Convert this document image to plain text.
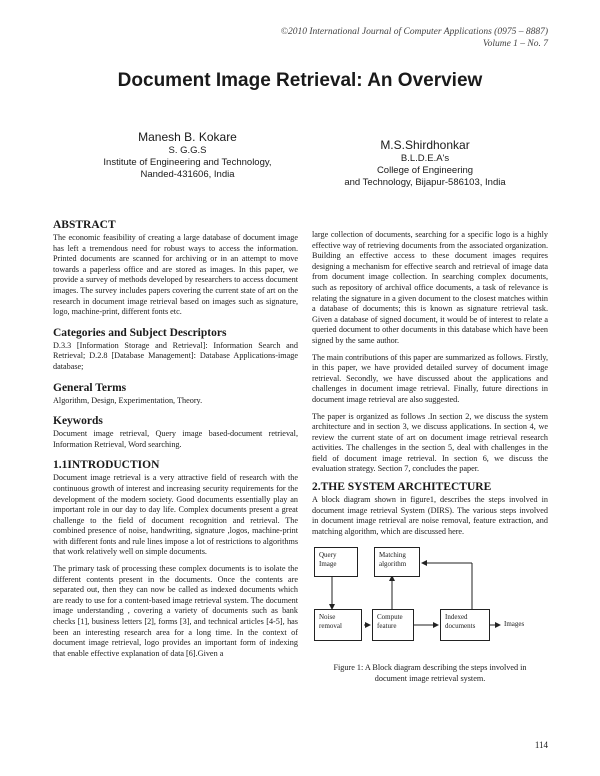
©2010 International Journal of Computer Applications (0975 – 8887)
Volume 1 – No. 7
Document Image Retrieval: An Overview
Manesh B. Kokare
S. G.G.S
Institute of Engineering and Technology,
Nanded-431606, India
M.S.Shirdhonkar
B.L.D.E.A's
College of Engineering
and Technology, Bijapur-586103, India
ABSTRACT

The economic feasibility of creating a large database of document image has left a tremendous need for robust ways to access the information. Printed documents are scanned for archiving or in an attempt to move towards a paperless office and are stored as images. In this paper, we provide a survey of methods developed by researchers to access document images. The survey includes papers covering the current state of art on the research in document image retrieval based on images such as signature, logo, machine-print, different fonts etc.

Categories and Subject Descriptors

D.3.3 [Information Storage and Retrieval]: Information Search and Retrieval; D.2.8 [Database Management]: Database Applications-image database;

General Terms

Algorithm, Design, Experimentation, Theory.

Keywords

Document image retrieval, Query image based-document retrieval, Information Retrieval, Word searching.

1.1INTRODUCTION

Document image retrieval is a very attractive field of research with the continuous growth of interest and increasing security requirements for the development of the modern society. Good documents essentially play an important role in our day to day life. Complex documents present a great challenge to the field of document recognition and retrieval. The combined presence of noise, handwriting, signature ,logos, machine-print with different fonts and rule lines impose a lot of restrictions to algorithms that work relatively well on simple documents.

The primary task of processing these complex documents is to isolate the different contents present in the documents. Once the contents are separated out, then they can now be called as indexed documents which are ready to use for a content-based image retrieval system. The document image understanding , covering a variety of documents such as bank checks [1], business letters [2], forms [3], and technical articles [4-5], has been an interesting research area for a long time. In the context of document image retrieval, logo provides an important form of indexing that enable effective explanation of data [6].Given a

large collection of documents, searching for a specific logo is a highly effective way of retrieving documents from the associated organization. Building an effective access to these document images requires designing a mechanism for effective search and retrieval of image data from document image collection. In searching complex documents, such as repository of archival office documents, a task of relevance is relating the signature in a given document to the closest matches within a database of documents; this is known as signature retrieval task. Given a database of signed document, it would be of interest to relate a queried document to other documents in this database which have been signed by the same author.

The main contributions of this paper are summarized as follows. Firstly, in this paper, we have provided detailed survey of document image retrieval. Secondly, we have discussed about the applications and challenges in document image retrieval. Finally, future directions in document image retrieval are also suggested.

The paper is organized as follows .In section 2, we discuss the system architecture and in section 3, we discuss applications. In section 4, we review the current state of art on document image retrieval research activities. The challenges in the section 5, deal with challenges in the field of document image retrieval. In section 6, we discuss the evaluation strategy. Section 7, concludes the paper.

2.THE SYSTEM ARCHITECTURE

A block diagram shown in figure1, describes the steps involved in document image retrieval System (DIRS). The various steps involved in document image retrieval are noise removal, feature extraction, and matching algorithm, which are discussed here.

Query Image
Matching algorithm
Noise removal
Compute feature
Indexed documents	Images
Figure 1: A Block diagram describing the steps involved in document image retrieval system.
114
